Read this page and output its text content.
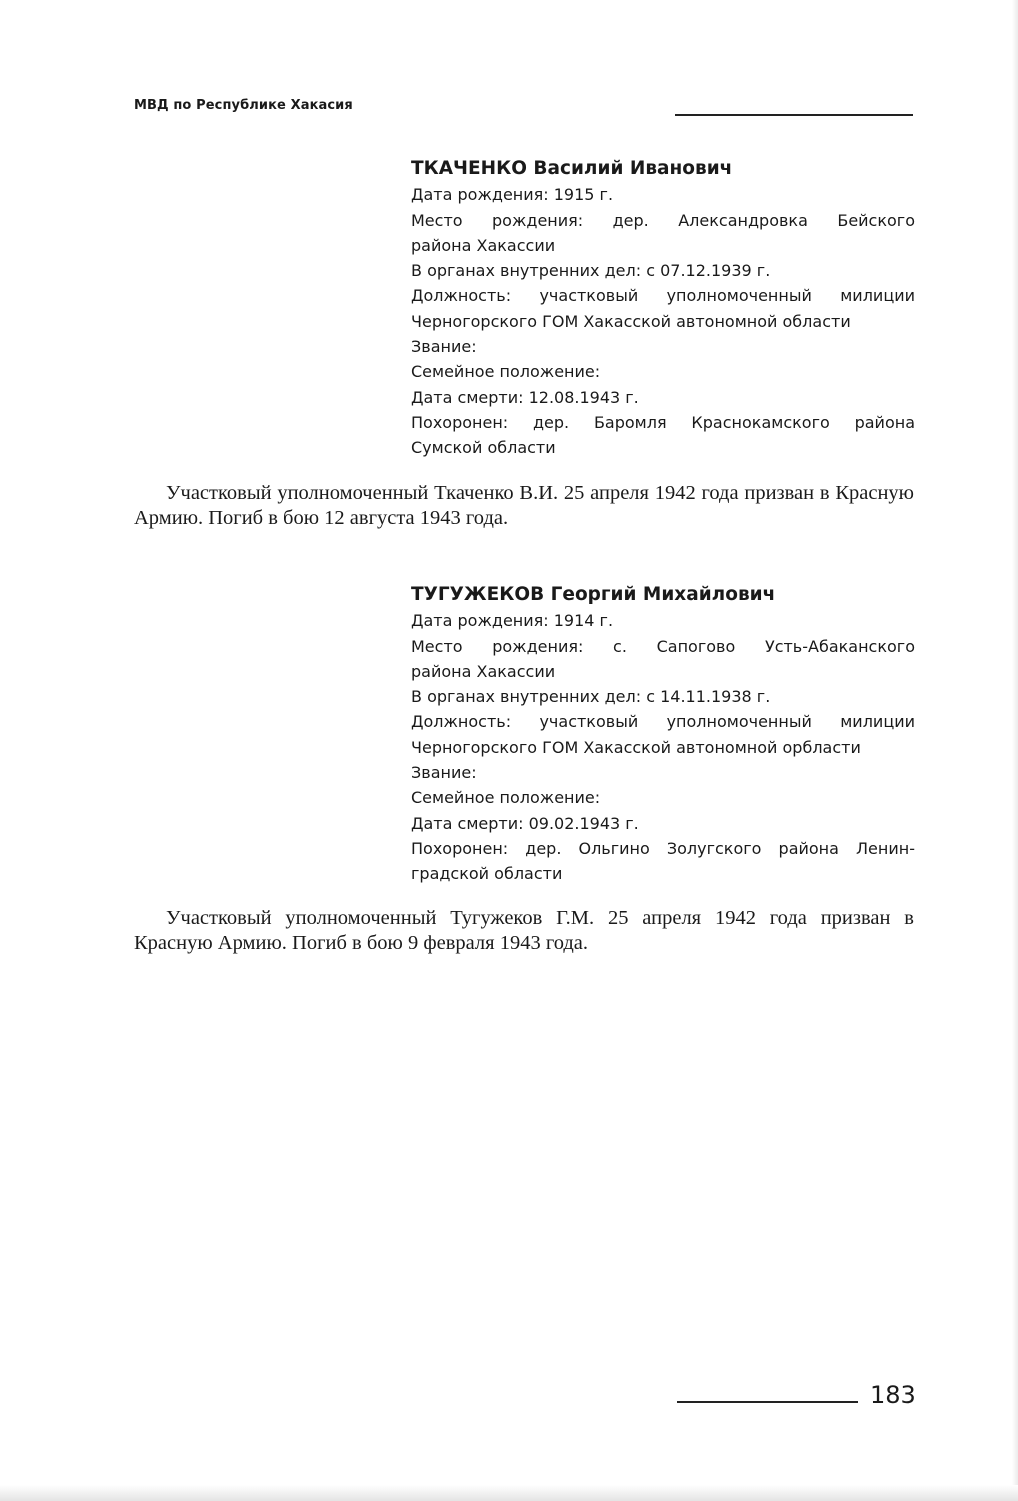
МВД по Республике Хакасия
ТКАЧЕНКО Василий Иванович
Дата рождения: 1915 г.
Место рождения: дер. Александровка Бейского
района Хакассии
В органах внутренних дел: с 07.12.1939 г.
Должность: участковый уполномоченный милиции
Черногорского ГОМ Хакасской автономной области
Звание:
Семейное положение:
Дата смерти: 12.08.1943 г.
Похоронен: дер. Баромля Краснокамского района
Сумской области
Участковый уполномоченный Ткаченко В.И. 25 апреля 1942 года призван в Красную Армию. Погиб в бою 12 августа 1943 года.
ТУГУЖЕКОВ Георгий Михайлович
Дата рождения: 1914 г.
Место рождения: с. Сапогово Усть-Абаканского
района Хакассии
В органах внутренних дел: с 14.11.1938 г.
Должность: участковый уполномоченный милиции
Черногорского ГОМ Хакасской автономной орбласти
Звание:
Семейное положение:
Дата смерти: 09.02.1943 г.
Похоронен: дер. Ольгино Золугского района Ленин-
градской области
Участковый уполномоченный Тугужеков Г.М. 25 апреля 1942 года призван в Красную Армию. Погиб в бою 9 февраля 1943 года.
183
